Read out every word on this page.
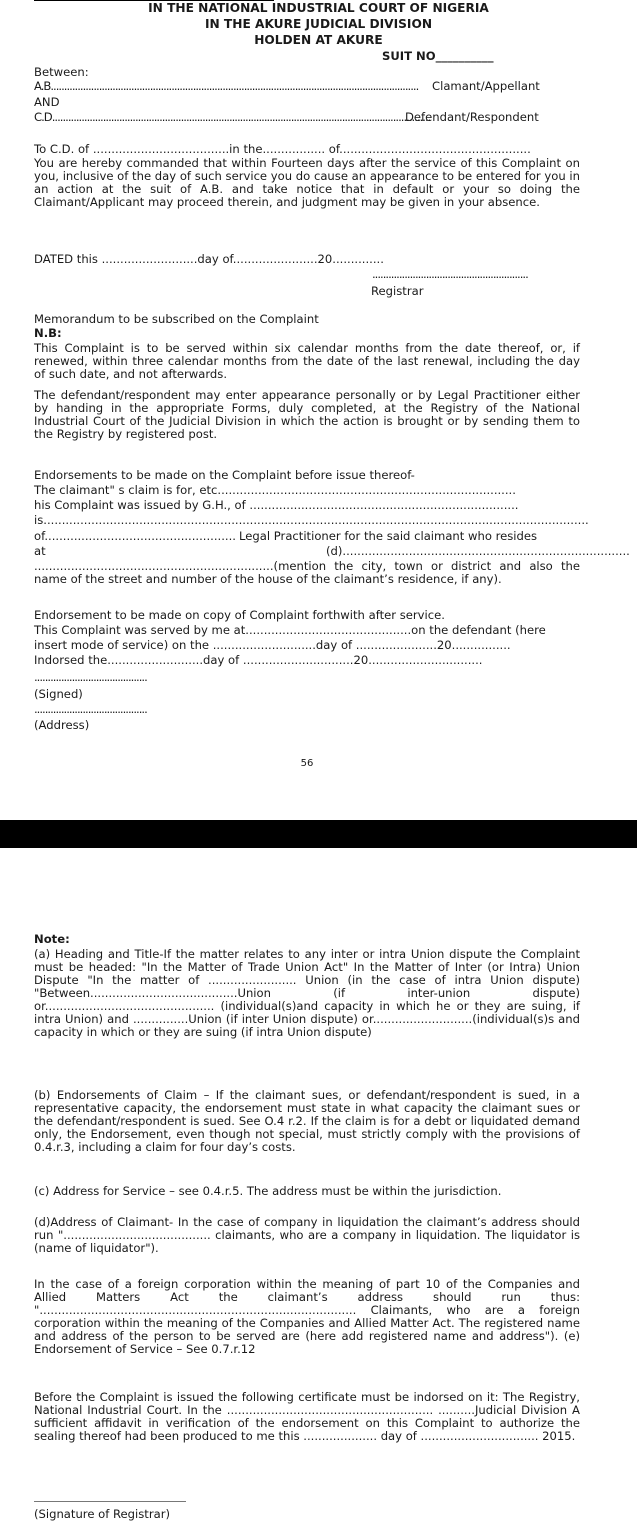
IN THE NATIONAL INDUSTRIAL COURT OF NIGERIA
IN THE AKURE JUDICIAL DIVISION
HOLDEN AT AKURE
SUIT NO__________
Between:
A.B.........................................................................................................................................	Clamant/Appellant
AND
C.D.............................................................................................................................................
Defendant/Respondent
To C.D. of .....................................in the................. of....................................................
You are hereby commanded that within Fourteen days after the service of this Complaint on you, inclusive of the day of such service you do cause an appearance to be entered for you in an action at the suit of A.B. and take notice that in default or your so doing the Claimant/Applicant may proceed therein, and judgment may be given in your absence.
DATED this ..........................day of.......................20..............
..........................................................
Registrar
Memorandum to be subscribed on the Complaint
N.B:
This Complaint is to be served within six calendar months from the date thereof, or, if renewed, within three calendar months from the date of the last renewal, including the day of such date, and not afterwards.
The defendant/respondent may enter appearance personally or by Legal Practitioner either by handing in the appropriate Forms, duly completed, at the Registry of the National Industrial Court of the Judicial Division in which the action is brought or by sending them to the Registry by registered post.
Endorsements to be made on the Complaint before issue thereof-
The claimant" s claim is for, etc.................................................................................
his Complaint was issued by G.H., of .........................................................................
is....................................................................................................................................................
of.................................................... Legal Practitioner for the said claimant who resides
at	(d)..............................................................................
.................................................................(mention the city, town or district and also the name of the street and number of the house of the claimant’s residence, if any).
Endorsement to be made on copy of Complaint forthwith after service.
This Complaint was served by me at.............................................on the defendant (here
insert mode of service) on the ............................day of ......................20................
Indorsed the..........................day of ..............................20...............................
..........................................
(Signed)
..........................................
(Address)
56
Note:
(a) Heading and Title-If the matter relates to any inter or intra Union dispute the Complaint must be headed: "In the Matter of Trade Union Act" In the Matter of Inter (or Intra) Union Dispute "In the matter of ........................ Union (in the case of intra Union dispute) "Between........................................Union (if inter-union dispute) or.............................................. (individual(s)and capacity in which he or they are suing, if intra Union) and ...............Union (if inter Union dispute) or...........................(individual(s)s and capacity in which or they are suing (if intra Union dispute)
(b) Endorsements of Claim – If the claimant sues, or defendant/respondent is sued, in a representative capacity, the endorsement must state in what capacity the claimant sues or the defendant/respondent is sued. See O.4 r.2. If the claim is for a debt or liquidated demand only, the Endorsement, even though not special, must strictly comply with the provisions of 0.4.r.3, including a claim for four day’s costs.
(c) Address for Service – see 0.4.r.5. The address must be within the jurisdiction.
(d)Address of Claimant- In the case of company in liquidation the claimant’s address should run "........................................ claimants, who are a company in liquidation. The liquidator is (name of liquidator").
In the case of a foreign corporation within the meaning of part 10 of the Companies and Allied Matters Act the claimant’s address should run thus: "...................................................................................... Claimants, who are a foreign corporation within the meaning of the Companies and Allied Matter Act. The registered name and address of the person to be served are (here add registered name and address"). (e) Endorsement of Service – See 0.7.r.12
Before the Complaint is issued the following certificate must be indorsed on it: The Registry, National Industrial Court. In the ........................................................ ..........Judicial Division A sufficient affidavit in verification of the endorsement on this Complaint to authorize the sealing thereof had been produced to me this .................... day of ................................ 2015.
(Signature of Registrar)
